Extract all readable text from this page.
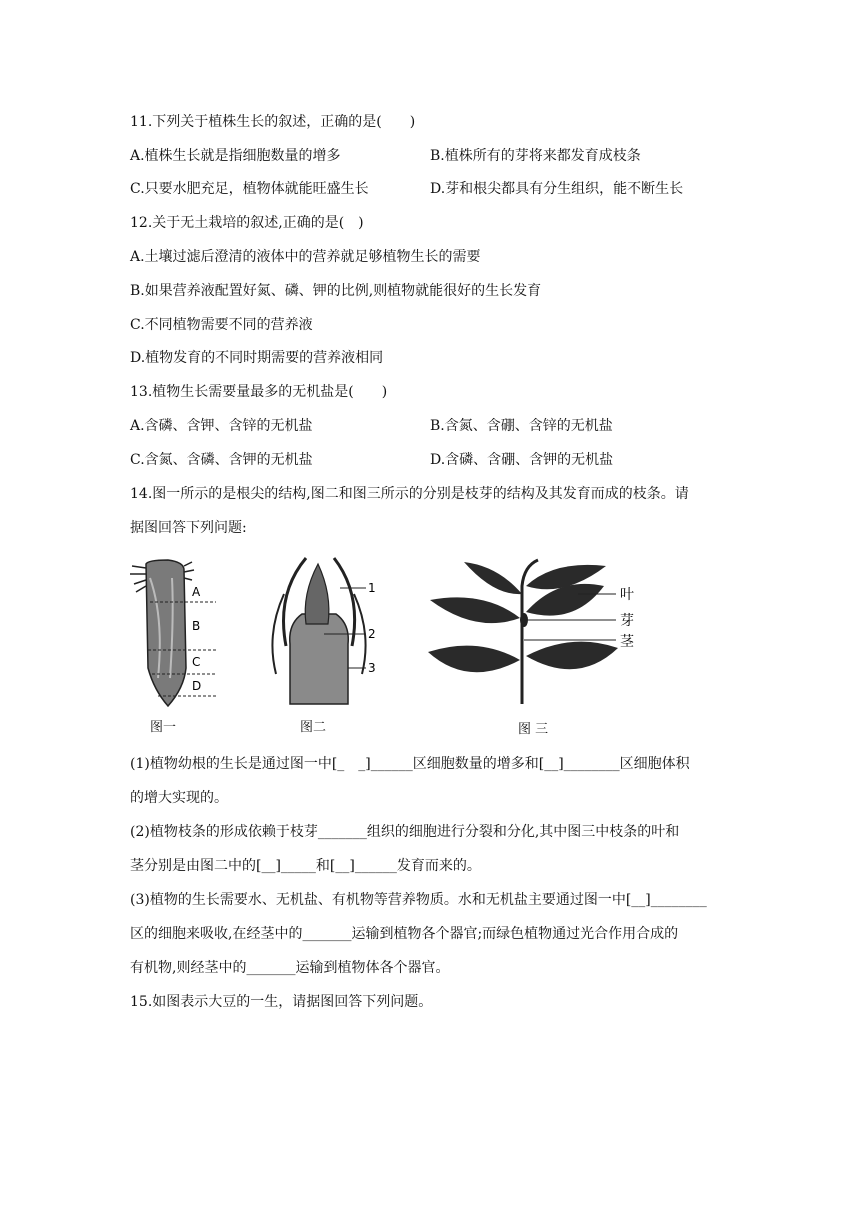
11.下列关于植株生长的叙述，正确的是(　　)
A.植株生长就是指细胞数量的增多	B.植株所有的芽将来都发育成枝条
C.只要水肥充足，植物体就能旺盛生长	D.芽和根尖都具有分生组织，能不断生长
12.关于无土栽培的叙述,正确的是(　)
A.土壤过滤后澄清的液体中的营养就足够植物生长的需要
B.如果营养液配置好氮、磷、钾的比例,则植物就能很好的生长发育
C.不同植物需要不同的营养液
D.植物发育的不同时期需要的营养液相同
13.植物生长需要量最多的无机盐是(　　)
A.含磷、含钾、含锌的无机盐	B.含氮、含硼、含锌的无机盐
C.含氮、含磷、含钾的无机盐	D.含磷、含硼、含钾的无机盐
14.图一所示的是根尖的结构,图二和图三所示的分别是枝芽的结构及其发育而成的枝条。请
据图回答下列问题:
A
B
C
D
图一
1
2
3
图二
叶
芽
茎
图 三
(1)植物幼根的生长是通过图一中[_　_]______区细胞数量的增多和[__]________区细胞体积
的增大实现的。
(2)植物枝条的形成依赖于枝芽_______组织的细胞进行分裂和分化,其中图三中枝条的叶和
茎分别是由图二中的[__]_____和[__]______发育而来的。
(3)植物的生长需要水、无机盐、有机物等营养物质。水和无机盐主要通过图一中[__]________
区的细胞来吸收,在经茎中的_______运输到植物各个器官;而绿色植物通过光合作用合成的
有机物,则经茎中的_______运输到植物体各个器官。
15.如图表示大豆的一生，请据图回答下列问题。
